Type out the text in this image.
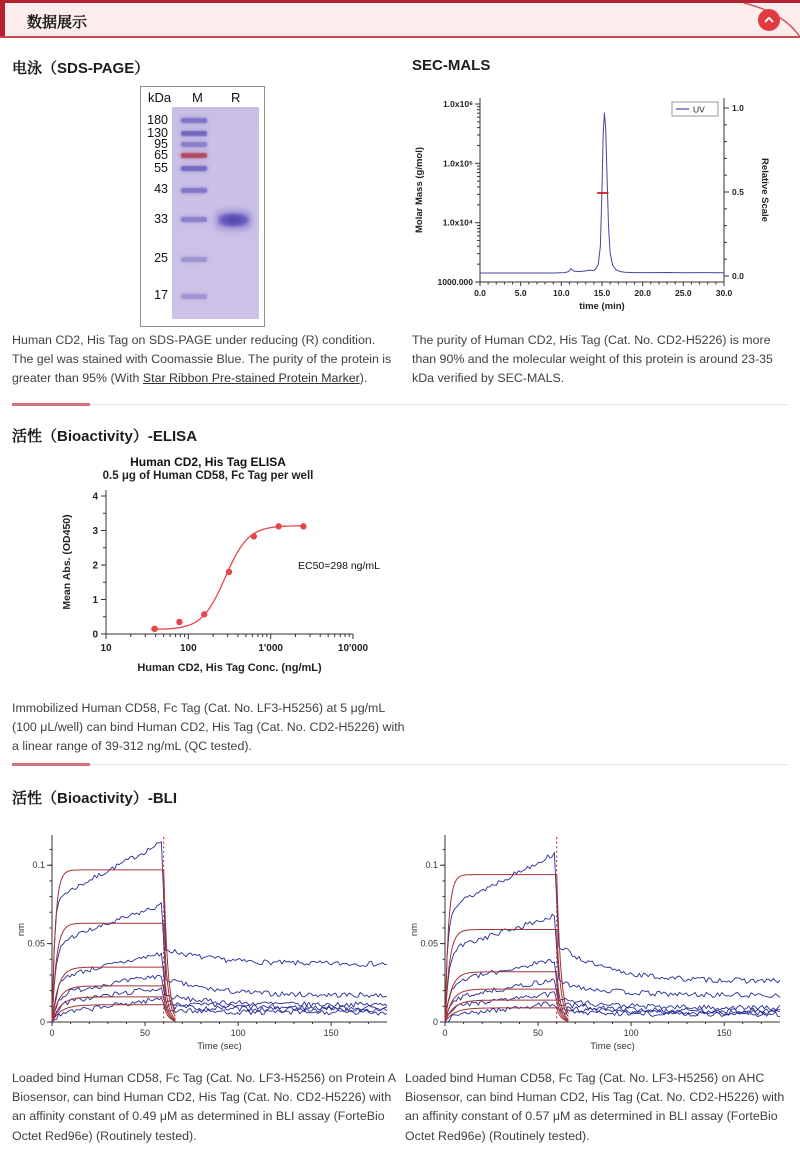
数据展示
电泳（SDS-PAGE）	SEC-MALS
kDa M R
180
130
95
65
55
43
33
25
17
1.0x10⁶
1.0x10⁵
1.0x10⁴
1000.000
1.0
0.5
0.0
0.0	5.0	10.0	15.0	20.0	25.0	30.0
time (min)
Molar Mass (g/mol)	Relative Scale
UV

Human CD2, His Tag on SDS-PAGE under reducing (R) condition. The gel was stained with Coomassie Blue. The purity of the protein is greater than 95% (With Star Ribbon Pre-stained Protein Marker).

The purity of Human CD2, His Tag (Cat. No. CD2-H5226) is more than 90% and the molecular weight of this protein is around 23-35 kDa verified by SEC-MALS.

活性（Bioactivity）-ELISA
Human CD2, His Tag ELISA
0.5 μg of Human CD58, Fc Tag per well
0
1
2
3
4
10	100	1'000	10'000
Human CD2, His Tag Conc. (ng/mL)
Mean Abs. (OD450)	EC50=298 ng/mL

Immobilized Human CD58, Fc Tag (Cat. No. LF3-H5256) at 5 μg/mL (100 μL/well) can bind Human CD2, His Tag (Cat. No. CD2-H5226) with a linear range of 39-312 ng/mL (QC tested).

活性（Bioactivity）-BLI
0
0.05
0.1
0	50	100	150
Time (sec)
nm
0
0.05
0.1
0	50	100	150
Time (sec)
nm

Loaded bind Human CD58, Fc Tag (Cat. No. LF3-H5256) on Protein A Biosensor, can bind Human CD2, His Tag (Cat. No. CD2-H5226) with an affinity constant of 0.49 μM as determined in BLI assay (ForteBio Octet Red96e) (Routinely tested).

Loaded bind Human CD58, Fc Tag (Cat. No. LF3-H5256) on AHC Biosensor, can bind Human CD2, His Tag (Cat. No. CD2-H5226) with an affinity constant of 0.57 μM as determined in BLI assay (ForteBio Octet Red96e) (Routinely tested).
